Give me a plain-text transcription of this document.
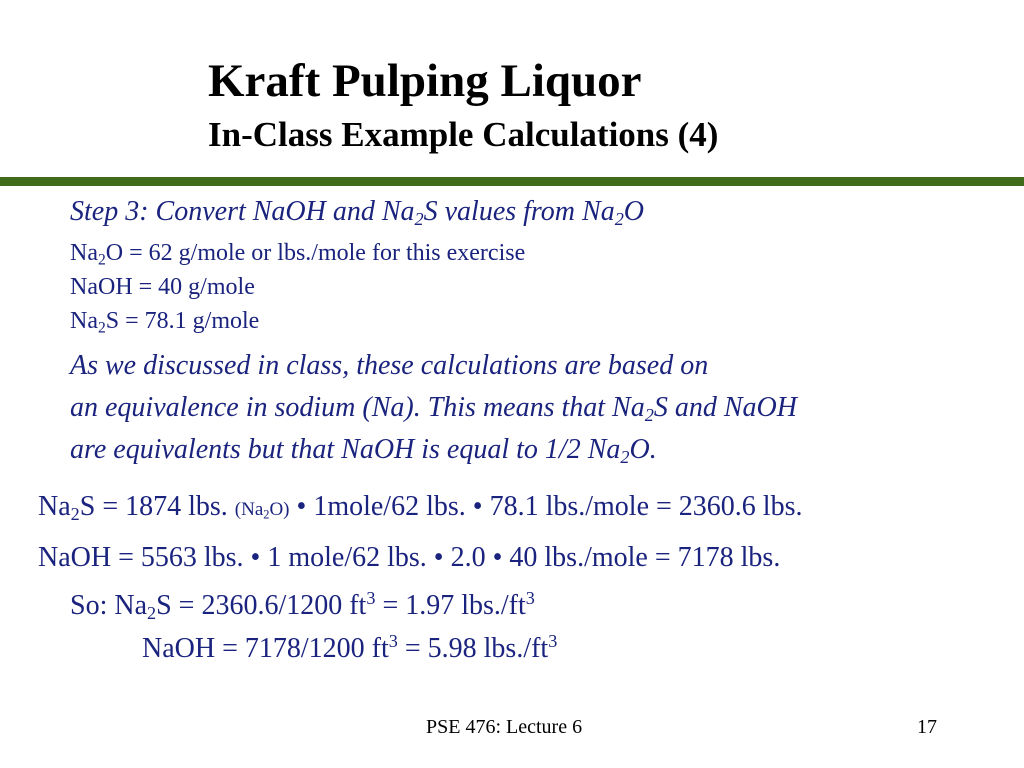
Kraft Pulping Liquor
In-Class Example Calculations (4)
Step 3: Convert NaOH and $Na_2S$ values from $Na_2O$
$Na_2O = 62$ g/mole or lbs./mole for this exercise
NaOH = 40 g/mole
$Na_2S = 78.1$ g/mole
As we discussed in class, these calculations are based on
an equivalence in sodium (Na). This means that $Na_2S$ and NaOH
are equivalents but that NaOH is equal to 1/2 $Na_2O$.
$Na_2S = 1874$ lbs. $(Na_2O)$ • 1mole/62 lbs. • 78.1 lbs./mole = 2360.6 lbs.
NaOH = 5563 lbs. • 1 mole/62 lbs. • 2.0 • 40 lbs./mole = 7178 lbs.
So: $Na_2S = 2360.6/1200$ $ft^3 = 1.97$ $lbs./ft^3$
NaOH = 7178/1200 $ft^3 = 5.98$ $lbs./ft^3$
PSE 476: Lecture 6	17
